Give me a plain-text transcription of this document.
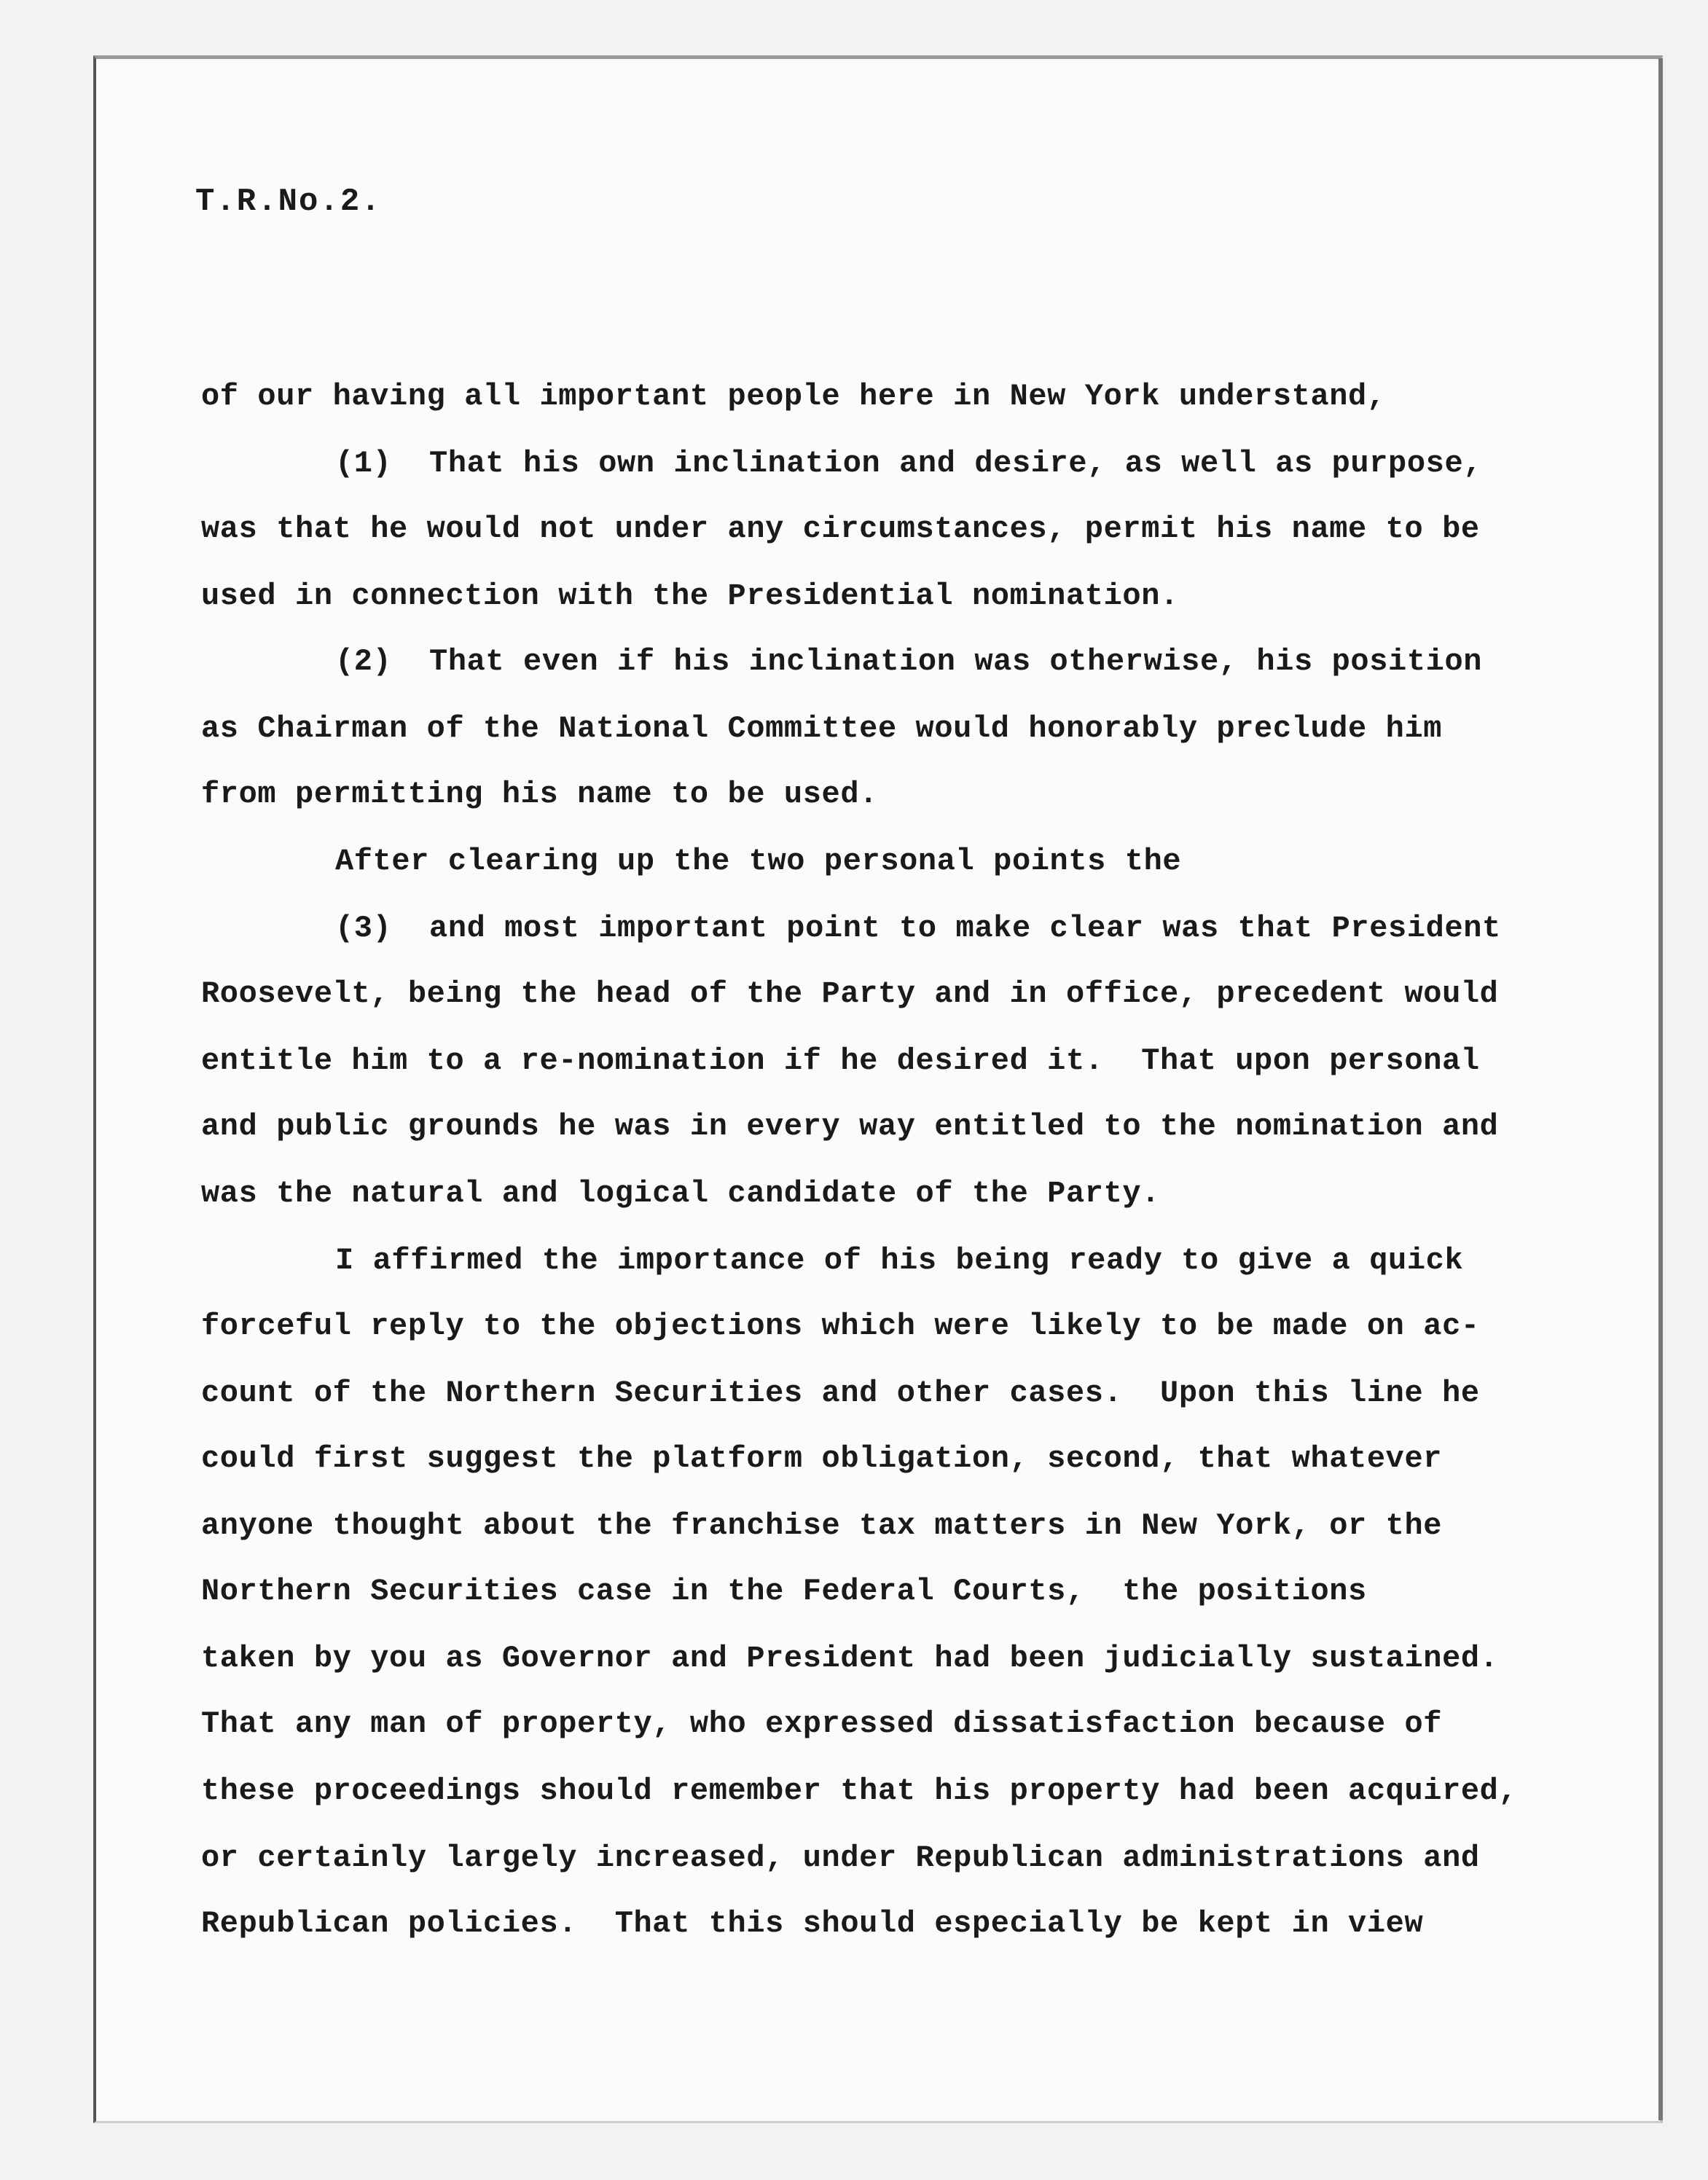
T.R.No.2.
of our having all important people here in New York understand,
(1)  That his own inclination and desire, as well as purpose,
was that he would not under any circumstances, permit his name to be
used in connection with the Presidential nomination.
(2)  That even if his inclination was otherwise, his position
as Chairman of the National Committee would honorably preclude him
from permitting his name to be used.
After clearing up the two personal points the
(3)  and most important point to make clear was that President
Roosevelt, being the head of the Party and in office, precedent would
entitle him to a re-nomination if he desired it.  That upon personal
and public grounds he was in every way entitled to the nomination and
was the natural and logical candidate of the Party.
I affirmed the importance of his being ready to give a quick
forceful reply to the objections which were likely to be made on ac-
count of the Northern Securities and other cases.  Upon this line he
could first suggest the platform obligation, second, that whatever
anyone thought about the franchise tax matters in New York, or the
Northern Securities case in the Federal Courts,  the positions
taken by you as Governor and President had been judicially sustained.
That any man of property, who expressed dissatisfaction because of
these proceedings should remember that his property had been acquired,
or certainly largely increased, under Republican administrations and
Republican policies.  That this should especially be kept in view
